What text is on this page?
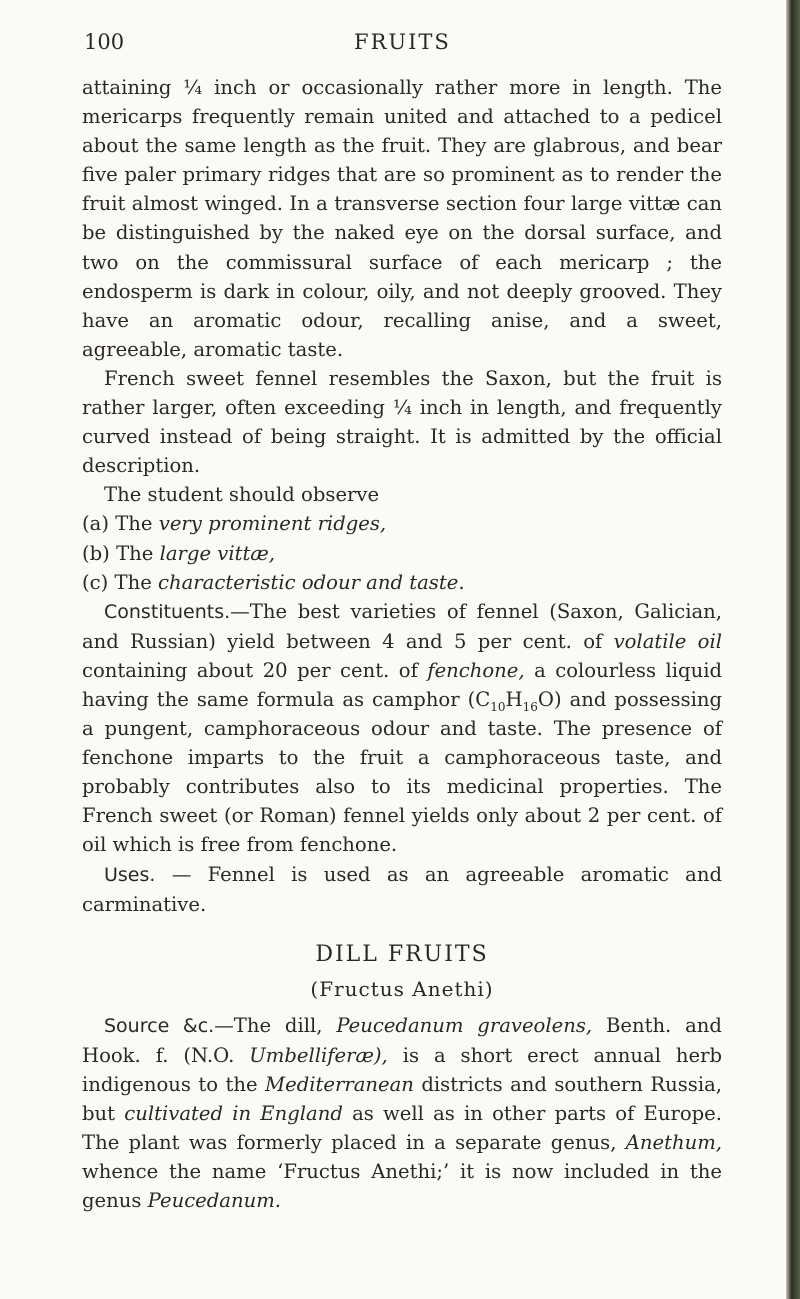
100	FRUITS

attaining ¼ inch or occasionally rather more in length. The mericarps frequently remain united and attached to a pedicel about the same length as the fruit. They are glabrous, and bear five paler primary ridges that are so prominent as to render the fruit almost winged. In a transverse section four large vittæ can be distinguished by the naked eye on the dorsal surface, and two on the commissural surface of each mericarp ; the endosperm is dark in colour, oily, and not deeply grooved. They have an aromatic odour, recalling anise, and a sweet, agreeable, aromatic taste.

French sweet fennel resembles the Saxon, but the fruit is rather larger, often exceeding ¼ inch in length, and frequently curved instead of being straight. It is admitted by the official description.

The student should observe

(a) The very prominent ridges,

(b) The large vittæ,

(c) The characteristic odour and taste.

Constituents.—The best varieties of fennel (Saxon, Galician, and Russian) yield between 4 and 5 per cent. of volatile oil containing about 20 per cent. of fenchone, a colourless liquid having the same formula as camphor $(C_{10}H_{16}O)$ and possessing a pungent, camphoraceous odour and taste. The presence of fenchone imparts to the fruit a camphoraceous taste, and probably contributes also to its medicinal properties. The French sweet (or Roman) fennel yields only about 2 per cent. of oil which is free from fenchone.

Uses. — Fennel is used as an agreeable aromatic and carminative.

DILL FRUITS
(Fructus Anethi)

Source &c.—The dill, Peucedanum graveolens, Benth. and Hook. f. (N.O. Umbelliferæ), is a short erect annual herb indigenous to the Mediterranean districts and southern Russia, but cultivated in England as well as in other parts of Europe. The plant was formerly placed in a separate genus, Anethum, whence the name ‘Fructus Anethi;’ it is now included in the genus Peucedanum.
